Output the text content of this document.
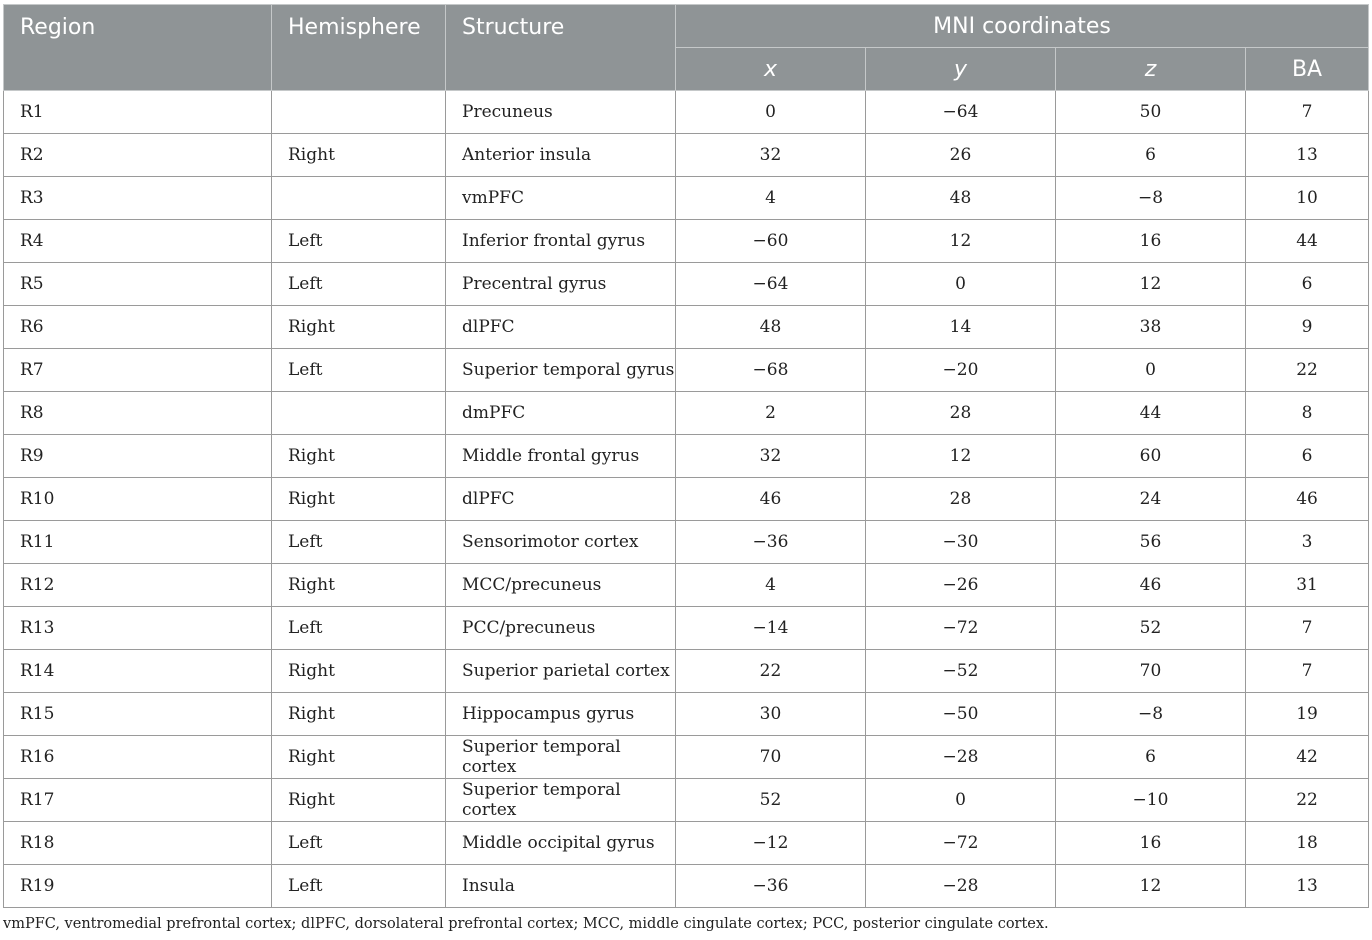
Region	Hemisphere	Structure	MNI coordinates			
			x	y	z	BA
R1		Precuneus	0	−64	50	7
R2	Right	Anterior insula	32	26	6	13
R3		vmPFC	4	48	−8	10
R4	Left	Inferior frontal gyrus	−60	12	16	44
R5	Left	Precentral gyrus	−64	0	12	6
R6	Right	dlPFC	48	14	38	9
R7	Left	Superior temporal gyrus	−68	−20	0	22
R8		dmPFC	2	28	44	8
R9	Right	Middle frontal gyrus	32	12	60	6
R10	Right	dlPFC	46	28	24	46
R11	Left	Sensorimotor cortex	−36	−30	56	3
R12	Right	MCC/precuneus	4	−26	46	31
R13	Left	PCC/precuneus	−14	−72	52	7
R14	Right	Superior parietal cortex	22	−52	70	7
R15	Right	Hippocampus gyrus	30	−50	−8	19
R16	Right	Superior temporal cortex	70	−28	6	42
R17	Right	Superior temporal cortex	52	0	−10	22
R18	Left	Middle occipital gyrus	−12	−72	16	18
R19	Left	Insula	−36	−28	12	13
vmPFC, ventromedial prefrontal cortex; dlPFC, dorsolateral prefrontal cortex; MCC, middle cingulate cortex; PCC, posterior cingulate cortex.
